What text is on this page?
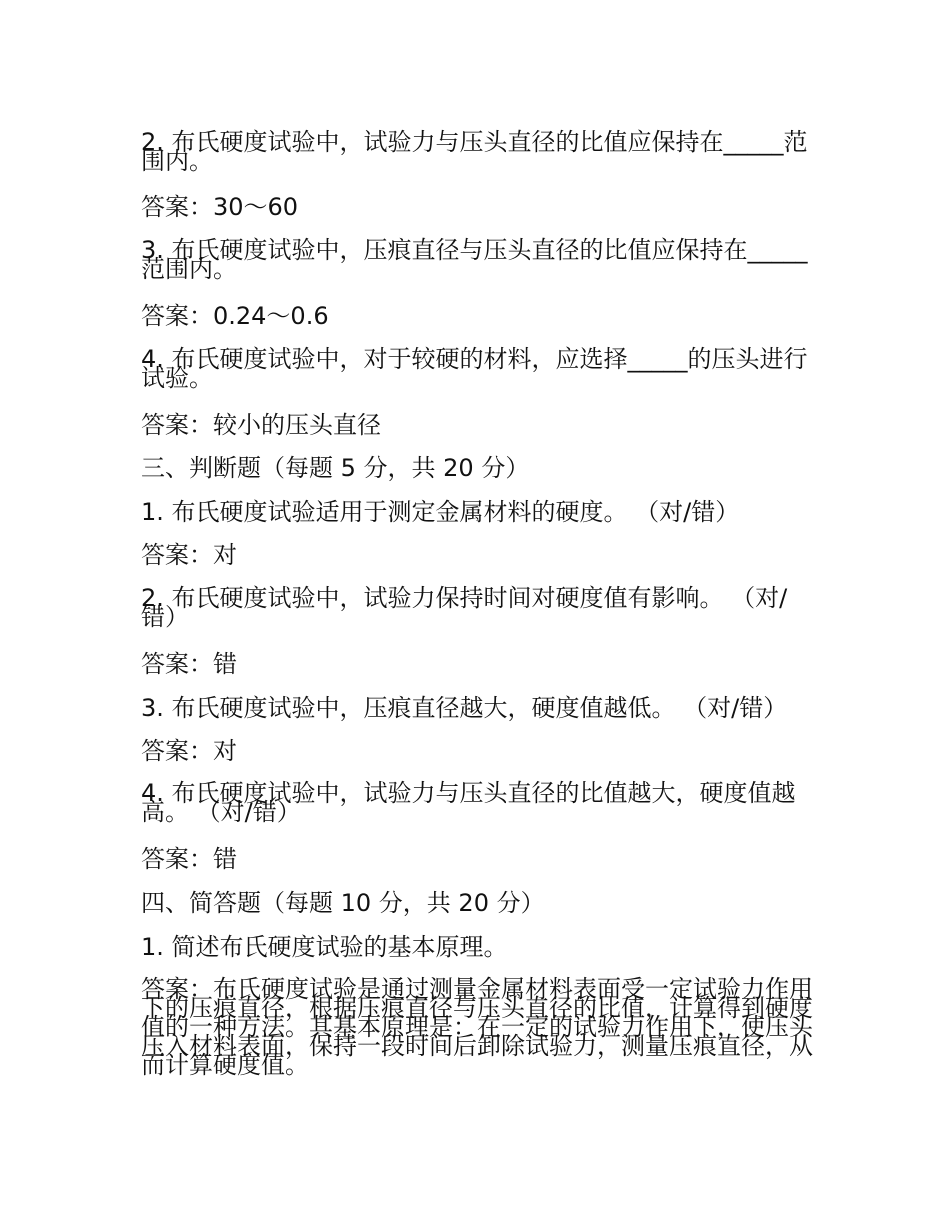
2. 布氏硬度试验中，试验力与压头直径的比值应保持在_____范围内。
答案：30～60
3. 布氏硬度试验中，压痕直径与压头直径的比值应保持在_____范围内。
答案：0.24～0.6
4. 布氏硬度试验中，对于较硬的材料，应选择_____的压头进行试验。
答案：较小的压头直径
三、判断题（每题 5 分，共 20 分）
1. 布氏硬度试验适用于测定金属材料的硬度。 （对/错）
答案：对
2. 布氏硬度试验中，试验力保持时间对硬度值有影响。 （对/错）
答案：错
3. 布氏硬度试验中，压痕直径越大，硬度值越低。 （对/错）
答案：对
4. 布氏硬度试验中，试验力与压头直径的比值越大，硬度值越高。 （对/错）
答案：错
四、简答题（每题 10 分，共 20 分）
1. 简述布氏硬度试验的基本原理。
答案：布氏硬度试验是通过测量金属材料表面受一定试验力作用下的压痕直径，根据压痕直径与压头直径的比值，计算得到硬度值的一种方法。其基本原理是：在一定的试验力作用下，使压头压入材料表面，保持一段时间后卸除试验力，测量压痕直径，从而计算硬度值。
